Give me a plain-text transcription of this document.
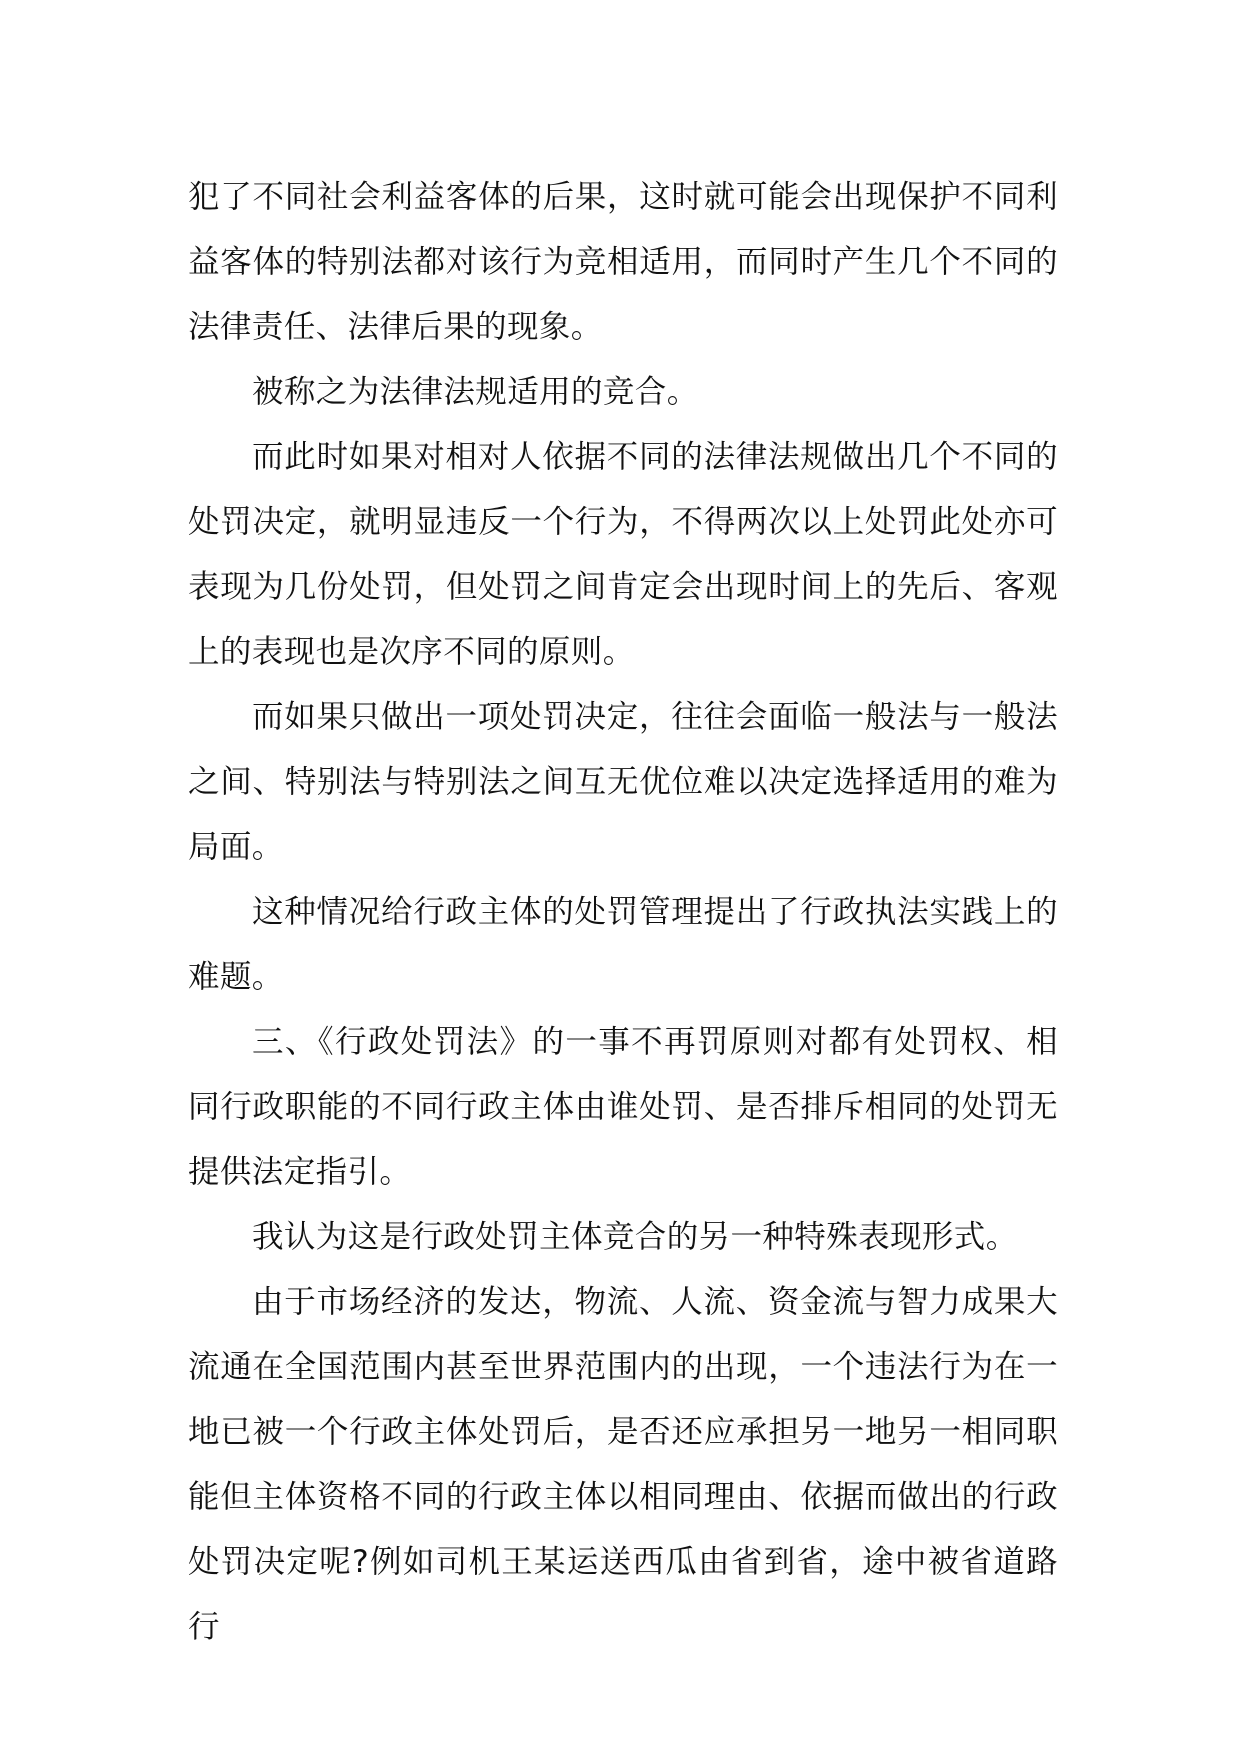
犯了不同社会利益客体的后果，这时就可能会出现保护不同利益客体的特别法都对该行为竞相适用，而同时产生几个不同的法律责任、法律后果的现象。

被称之为法律法规适用的竞合。

而此时如果对相对人依据不同的法律法规做出几个不同的处罚决定，就明显违反一个行为，不得两次以上处罚此处亦可表现为几份处罚，但处罚之间肯定会出现时间上的先后、客观上的表现也是次序不同的原则。

而如果只做出一项处罚决定，往往会面临一般法与一般法之间、特别法与特别法之间互无优位难以决定选择适用的难为局面。

这种情况给行政主体的处罚管理提出了行政执法实践上的难题。

三、《行政处罚法》的一事不再罚原则对都有处罚权、相同行政职能的不同行政主体由谁处罚、是否排斥相同的处罚无提供法定指引。

我认为这是行政处罚主体竞合的另一种特殊表现形式。

由于市场经济的发达，物流、人流、资金流与智力成果大流通在全国范围内甚至世界范围内的出现，一个违法行为在一地已被一个行政主体处罚后，是否还应承担另一地另一相同职能但主体资格不同的行政主体以相同理由、依据而做出的行政处罚决定呢?例如司机王某运送西瓜由省到省，途中被省道路行
